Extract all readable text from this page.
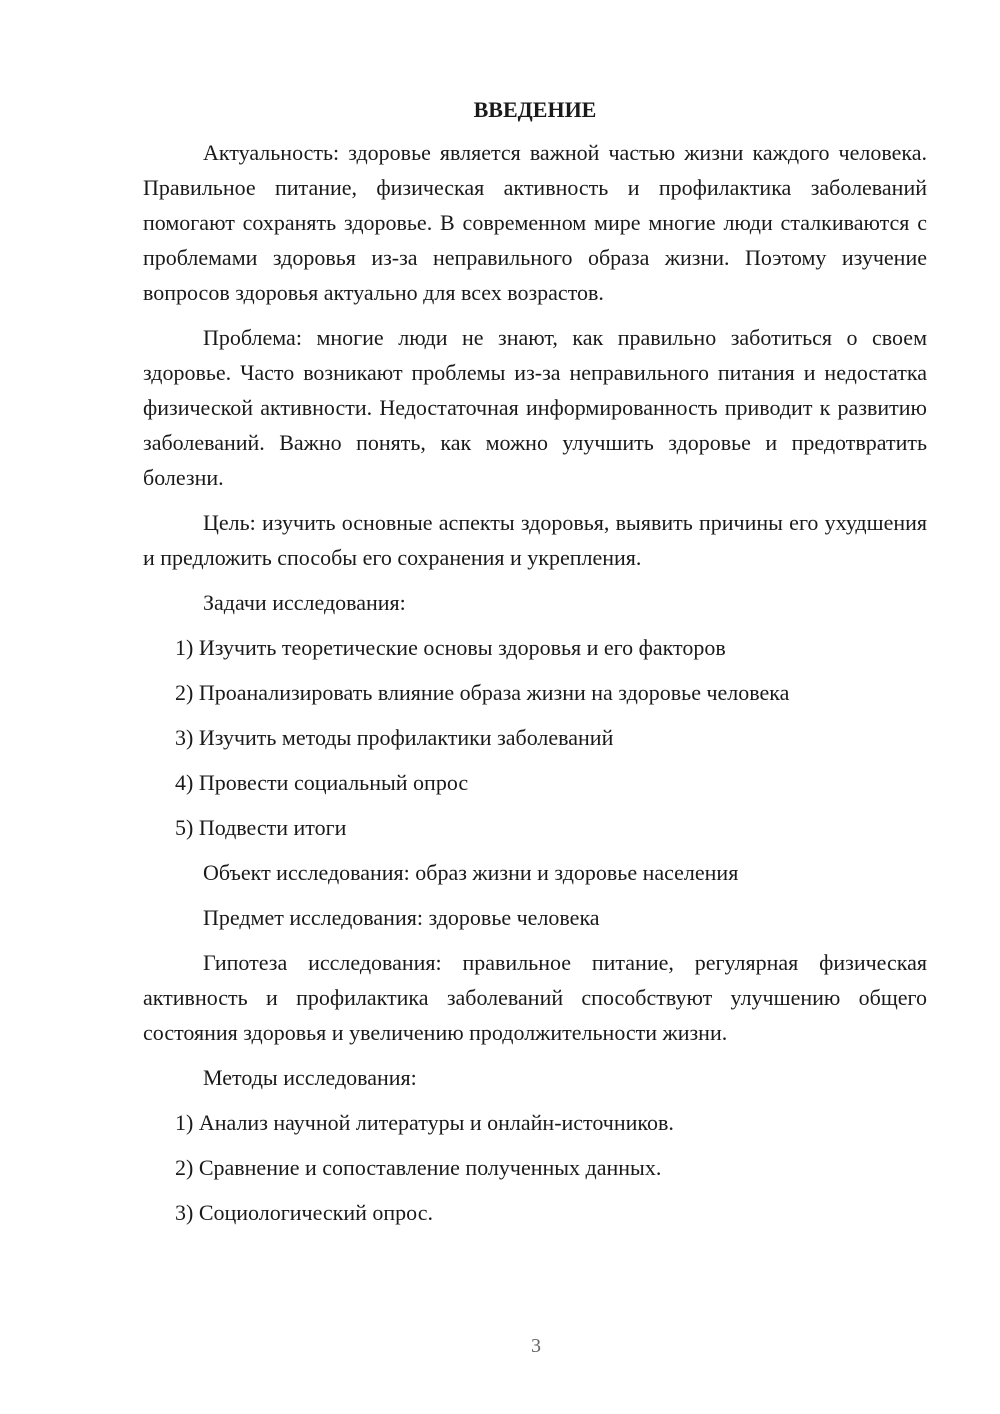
ВВЕДЕНИЕ

Актуальность: здоровье является важной частью жизни каждого человека. Правильное питание, физическая активность и профилактика заболеваний помогают сохранять здоровье. В современном мире многие люди сталкиваются с проблемами здоровья из-за неправильного образа жизни. Поэтому изучение вопросов здоровья актуально для всех возрастов.

Проблема: многие люди не знают, как правильно заботиться о своем здоровье. Часто возникают проблемы из-за неправильного питания и недостатка физической активности. Недостаточная информированность приводит к развитию заболеваний. Важно понять, как можно улучшить здоровье и предотвратить болезни.

Цель: изучить основные аспекты здоровья, выявить причины его ухудшения и предложить способы его сохранения и укрепления.

Задачи исследования:
1) Изучить теоретические основы здоровья и его факторов
2) Проанализировать влияние образа жизни на здоровье человека
3) Изучить методы профилактики заболеваний
4) Провести социальный опрос
5) Подвести итоги
Объект исследования: образ жизни и здоровье населения
Предмет исследования: здоровье человека

Гипотеза исследования: правильное питание, регулярная физическая активность и профилактика заболеваний способствуют улучшению общего состояния здоровья и увеличению продолжительности жизни.

Методы исследования:
1) Анализ научной литературы и онлайн-источников.
2) Сравнение и сопоставление полученных данных.
3) Социологический опрос.
3
